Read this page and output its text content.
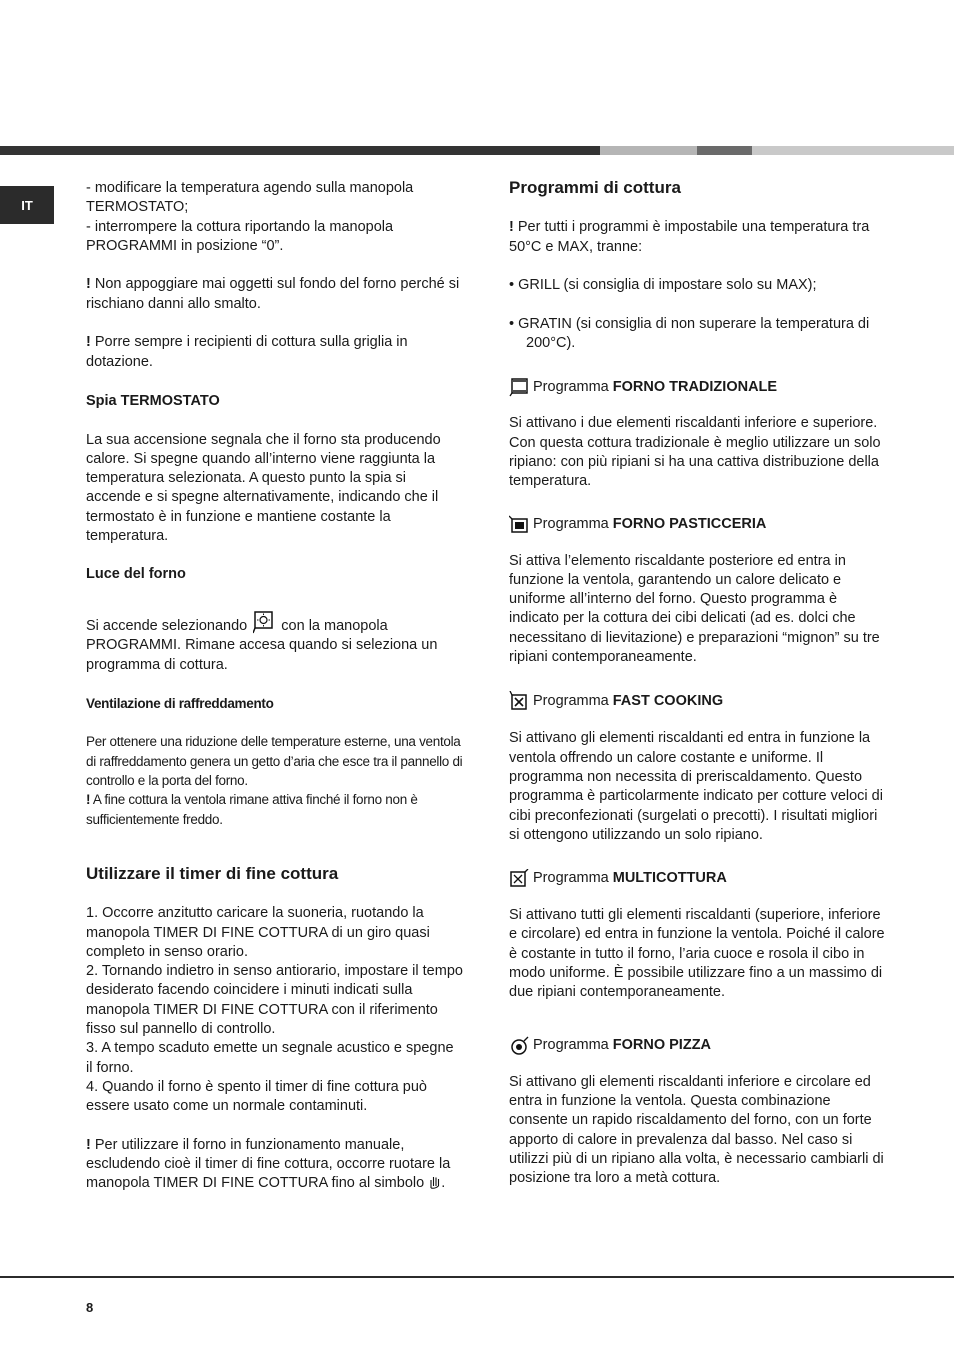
IT

- modificare la temperatura agendo sulla manopola TERMOSTATO;

- interrompere la cottura riportando la manopola PROGRAMMI in posizione “0”.

! Non appoggiare mai oggetti sul fondo del forno perché si rischiano danni allo smalto.

! Porre sempre i recipienti di cottura sulla griglia in dotazione.

Spia TERMOSTATO

La sua accensione segnala che il forno sta producendo calore. Si spegne quando all’interno viene raggiunta la temperatura selezionata. A questo punto la spia si accende e si spegne alternativamente, indicando che il termostato è in funzione e mantiene costante la temperatura.

Luce del forno

Si accende selezionando con la manopola PROGRAMMI. Rimane accesa quando si seleziona un programma di cottura.

Ventilazione di raffreddamento

Per ottenere una riduzione delle temperature esterne, una ventola di raffreddamento genera un getto d’aria che esce tra il pannello di controllo e la porta del forno.

! A fine cottura la ventola rimane attiva finché il forno non è sufficientemente freddo.

Utilizzare il timer di fine cottura

1. Occorre anzitutto caricare la suoneria, ruotando la manopola TIMER DI FINE COTTURA di un giro quasi completo in senso orario.

2. Tornando indietro in senso antiorario, impostare il tempo desiderato facendo coincidere i minuti indicati sulla manopola TIMER DI FINE COTTURA con il riferimento fisso sul pannello di controllo.

3. A tempo scaduto emette un segnale acustico e spegne il forno.

4. Quando il forno è spento il timer di fine cottura può essere usato come un normale contaminuti.

! Per utilizzare il forno in funzionamento manuale, escludendo cioè il timer di fine cottura, occorre ruotare la manopola TIMER DI FINE COTTURA fino al simbolo .

Programmi di cottura

! Per tutti i programmi è impostabile una temperatura tra 50°C e MAX, tranne:

• GRILL (si consiglia di impostare solo su MAX);

• GRATIN (si consiglia di non superare la temperatura di 200°C).

Programma FORNO TRADIZIONALE

Si attivano i due elementi riscaldanti inferiore e superiore. Con questa cottura tradizionale è meglio utilizzare un solo ripiano: con più ripiani si ha una cattiva distribuzione della temperatura.

Programma FORNO PASTICCERIA

Si attiva l’elemento riscaldante posteriore ed entra in funzione la ventola, garantendo un calore delicato e uniforme all’interno del forno. Questo programma è indicato per la cottura dei cibi delicati (ad es. dolci che necessitano di lievitazione) e preparazioni “mignon” su tre ripiani contemporaneamente.

Programma FAST COOKING

Si attivano gli elementi riscaldanti ed entra in funzione la ventola offrendo un calore costante e uniforme. Il programma non necessita di preriscaldamento. Questo programma è particolarmente indicato per cotture veloci di cibi preconfezionati (surgelati o precotti). I risultati migliori si ottengono utilizzando un solo ripiano.

Programma MULTICOTTURA

Si attivano tutti gli elementi riscaldanti (superiore, inferiore e circolare) ed entra in funzione la ventola. Poiché il calore è costante in tutto il forno, l’aria cuoce e rosola il cibo in modo uniforme. È possibile utilizzare fino a un massimo di due ripiani contemporaneamente.

Programma FORNO PIZZA

Si attivano gli elementi riscaldanti inferiore e circolare ed entra in funzione la ventola. Questa combinazione consente un rapido riscaldamento del forno, con un forte apporto di calore in prevalenza dal basso. Nel caso si utilizzi più di un ripiano alla volta, è necessario cambiarli di posizione tra loro a metà cottura.

8
